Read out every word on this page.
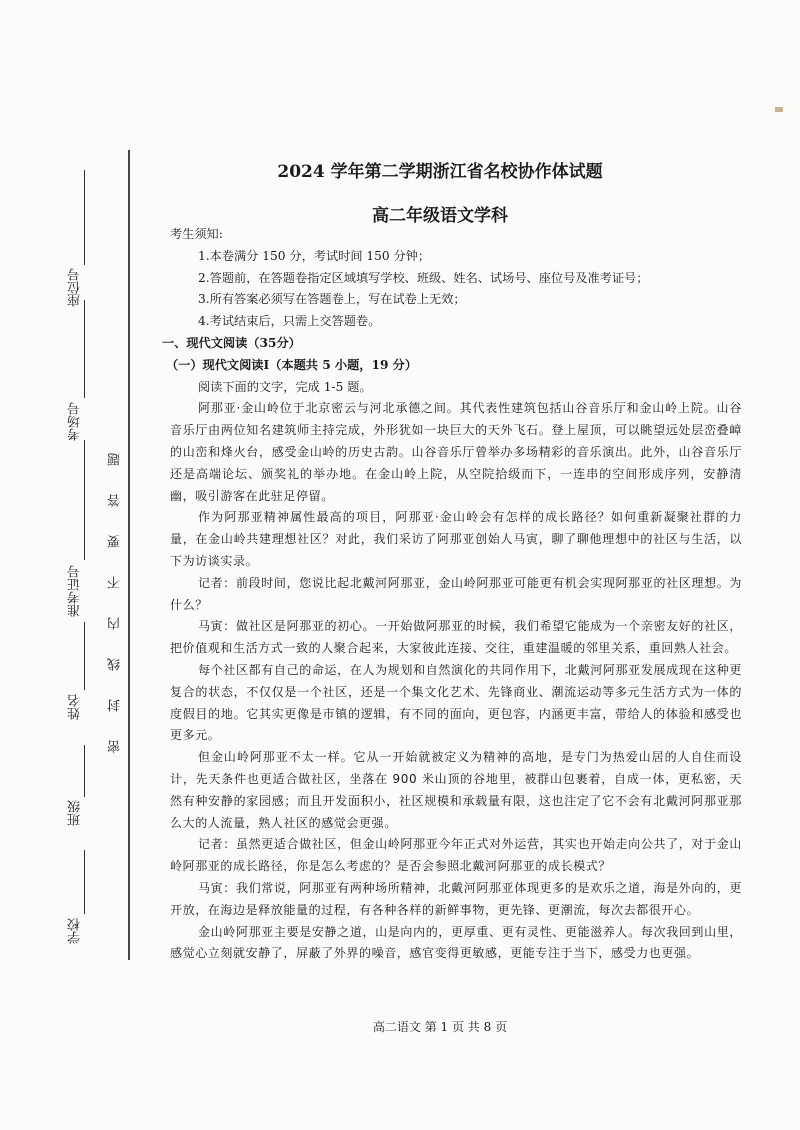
座位号
考场号
准考证号
姓名
班级
学校
密封线内不要答题
2024 学年第二学期浙江省名校协作体试题
高二年级语文学科

考生须知:

1.本卷满分 150 分，考试时间 150 分钟；

2.答题前，在答题卷指定区域填写学校、班级、姓名、试场号、座位号及准考证号；

3.所有答案必须写在答题卷上，写在试卷上无效；

4.考试结束后，只需上交答题卷。

一、现代文阅读（35分）

（一）现代文阅读Ⅰ（本题共 5 小题，19 分）

阅读下面的文字，完成 1-5 题。

阿那亚·金山岭位于北京密云与河北承德之间。其代表性建筑包括山谷音乐厅和金山岭上院。山谷音乐厅由两位知名建筑师主持完成，外形犹如一块巨大的天外飞石。登上屋顶，可以眺望远处层峦叠嶂的山峦和烽火台，感受金山岭的历史古韵。山谷音乐厅曾举办多场精彩的音乐演出。此外，山谷音乐厅还是高端论坛、颁奖礼的举办地。在金山岭上院，从空院拾级而下，一连串的空间形成序列，安静清幽，吸引游客在此驻足停留。

作为阿那亚精神属性最高的项目，阿那亚·金山岭会有怎样的成长路径？如何重新凝聚社群的力量，在金山岭共建理想社区？对此，我们采访了阿那亚创始人马寅，聊了聊他理想中的社区与生活，以下为访谈实录。

记者：前段时间，您说比起北戴河阿那亚，金山岭阿那亚可能更有机会实现阿那亚的社区理想。为什么？

马寅：做社区是阿那亚的初心。一开始做阿那亚的时候，我们希望它能成为一个亲密友好的社区，把价值观和生活方式一致的人聚合起来，大家彼此连接、交往，重建温暖的邻里关系，重回熟人社会。

每个社区都有自己的命运，在人为规划和自然演化的共同作用下，北戴河阿那亚发展成现在这种更复合的状态，不仅仅是一个社区，还是一个集文化艺术、先锋商业、潮流运动等多元生活方式为一体的度假目的地。它其实更像是市镇的逻辑，有不同的面向，更包容，内涵更丰富，带给人的体验和感受也更多元。

但金山岭阿那亚不太一样。它从一开始就被定义为精神的高地，是专门为热爱山居的人自住而设计，先天条件也更适合做社区，坐落在 900 米山顶的谷地里，被群山包裹着，自成一体，更私密，天然有种安静的家园感；而且开发面积小，社区规模和承载量有限，这也注定了它不会有北戴河阿那亚那么大的人流量，熟人社区的感觉会更强。

记者：虽然更适合做社区，但金山岭阿那亚今年正式对外运营，其实也开始走向公共了，对于金山岭阿那亚的成长路径，你是怎么考虑的？是否会参照北戴河阿那亚的成长模式？

马寅：我们常说，阿那亚有两种场所精神，北戴河阿那亚体现更多的是欢乐之道，海是外向的，更开放，在海边是释放能量的过程，有各种各样的新鲜事物，更先锋、更潮流，每次去都很开心。

金山岭阿那亚主要是安静之道，山是向内的，更厚重、更有灵性、更能滋养人。每次我回到山里，感觉心立刻就安静了，屏蔽了外界的噪音，感官变得更敏感，更能专注于当下，感受力也更强。

高二语文 第 1 页 共 8 页
